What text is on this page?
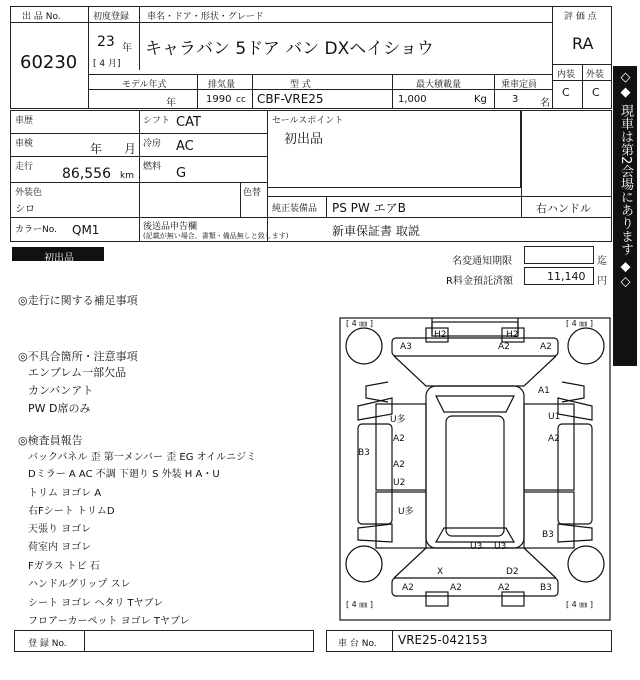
出 品 No.
60230
初度登録
23 年
[ 4 月]
車名・ドア・形状・グレード
キャラバン 5ドア バン DXヘイショウ
評 価 点
RA
内装 外装
C C
モデル年式
年
排気量
1990 cc
型 式
CBF-VRE25
最大積載量
1,000	Kg
乗車定員
3 名
車歴	シフト CAT
車検	年 月 冷房 AC
走行 86,556 km
燃料 G
外装色
シロ
色替
カラーNo. QM1	後送品申告欄
(記載が無い場合、書類・備品無しと致します)
セールスポイント
初出品
純正装備品 PS PW エアB	右ハンドル
新車保証書 取説
初出品	名変通知期限	迄
R料金預託済額	11,140 円
◎走行に関する補足事項
◎不具合箇所・注意事項
エンブレム一部欠品
カンバンアト
PW D席のみ
◎検査員報告
バックパネル 歪 第一メンバー 歪 EG オイルニジミ
Dミラー A AC 不調 下廻り S 外装 H A・U
トリム ヨゴレ A
右Fシート トリムD
天張り ヨゴレ
荷室内 ヨゴレ
Fガラス トビ 石
ハンドルグリップ スレ
シート ヨゴレ ヘタリ Tヤブレ
フロアーカーペット ヨゴレ Tヤブレ
[ 4 ㎜ ]	[ 4 ㎜ ]
[ 4 ㎜ ]	[ 4 ㎜ ]
A3	A2	A2
H2	H2
A1
U多	U1
A2	A2
B3
A2
U2
U多
B3
U3 U3
X	D2
A2	A2	A2	B3
登 録 No.	車 台 No. VRE25-042153
◇◆ 現車は第2会場にあります ◆◇
